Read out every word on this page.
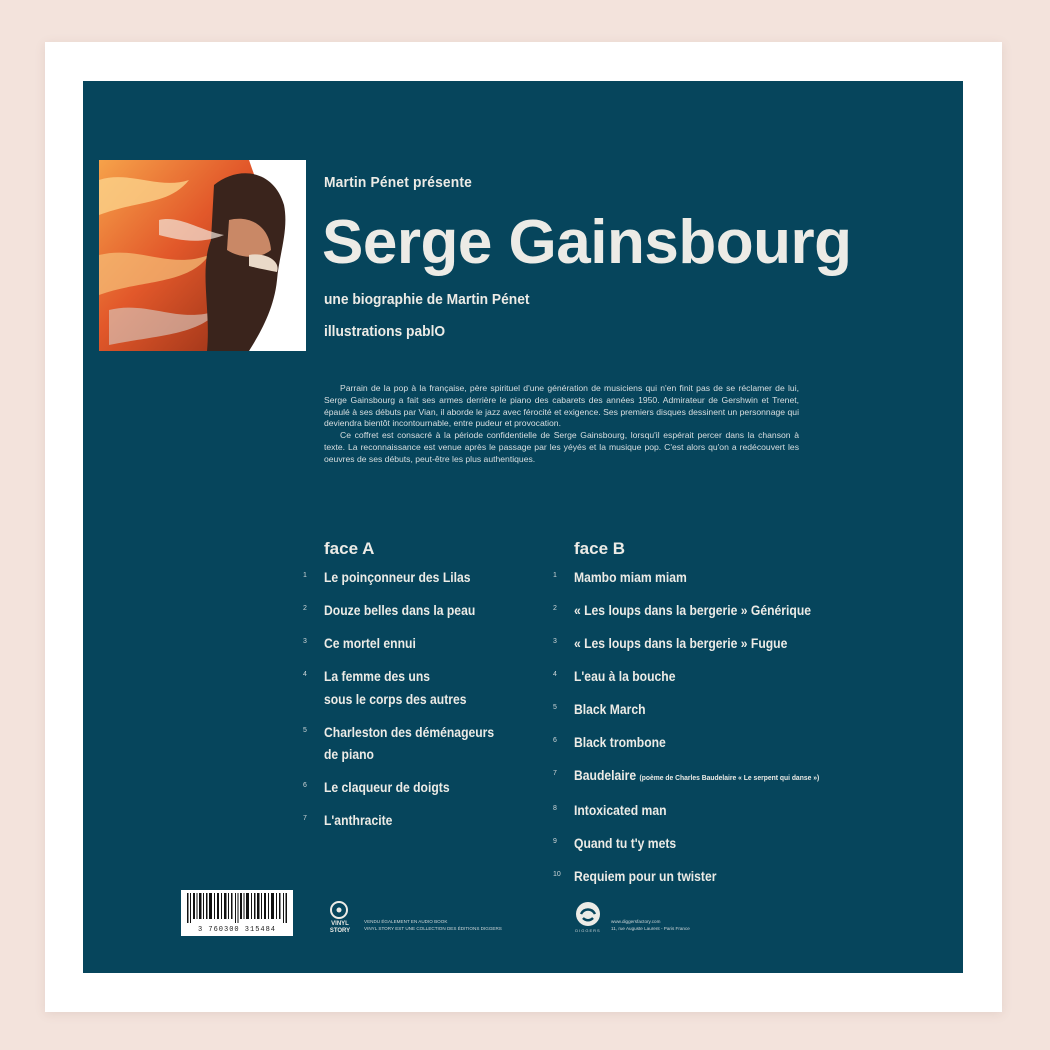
Martin Pénet présente
Serge Gainsbourg
une biographie de Martin Pénet
illustrations pablO

Parrain de la pop à la française, père spirituel d'une génération de musiciens qui n'en finit pas de se réclamer de lui, Serge Gainsbourg a fait ses armes derrière le piano des cabarets des années 1950. Admirateur de Gershwin et Trenet, épaulé à ses débuts par Vian, il aborde le jazz avec férocité et exigence. Ses premiers disques dessinent un personnage qui deviendra bientôt incontournable, entre pudeur et provocation.

Ce coffret est consacré à la période confidentielle de Serge Gainsbourg, lorsqu'il espérait percer dans la chanson à texte. La reconnaissance est venue après le passage par les yéyés et la musique pop. C'est alors qu'on a redécouvert les oeuvres de ses débuts, peut-être les plus authentiques.

face A	face B
1	Le poinçonneur des Lilas
2	Douze belles dans la peau
3	Ce mortel ennui
4	La femme des uns
sous le corps des autres
5	Charleston des déménageurs
de piano
6	Le claqueur de doigts
7	L'anthracite
1	Mambo miam miam
2	« Les loups dans la bergerie » Générique
3	« Les loups dans la bergerie » Fugue
4	L'eau à la bouche
5	Black March
6	Black trombone
7	Baudelaire (poème de Charles Baudelaire « Le serpent qui danse »)
8	Intoxicated man
9	Quand tu t'y mets
10 Requiem pour un twister
3 760300 315484
VINYL STORY
VENDU ÉGALEMENT EN AUDIO BOOK
VINYL STORY EST UNE COLLECTION DES ÉDITIONS DIGGERS	DIGGERS
www.diggersfactory.com
11, rue Auguste Laurent - Paris France
